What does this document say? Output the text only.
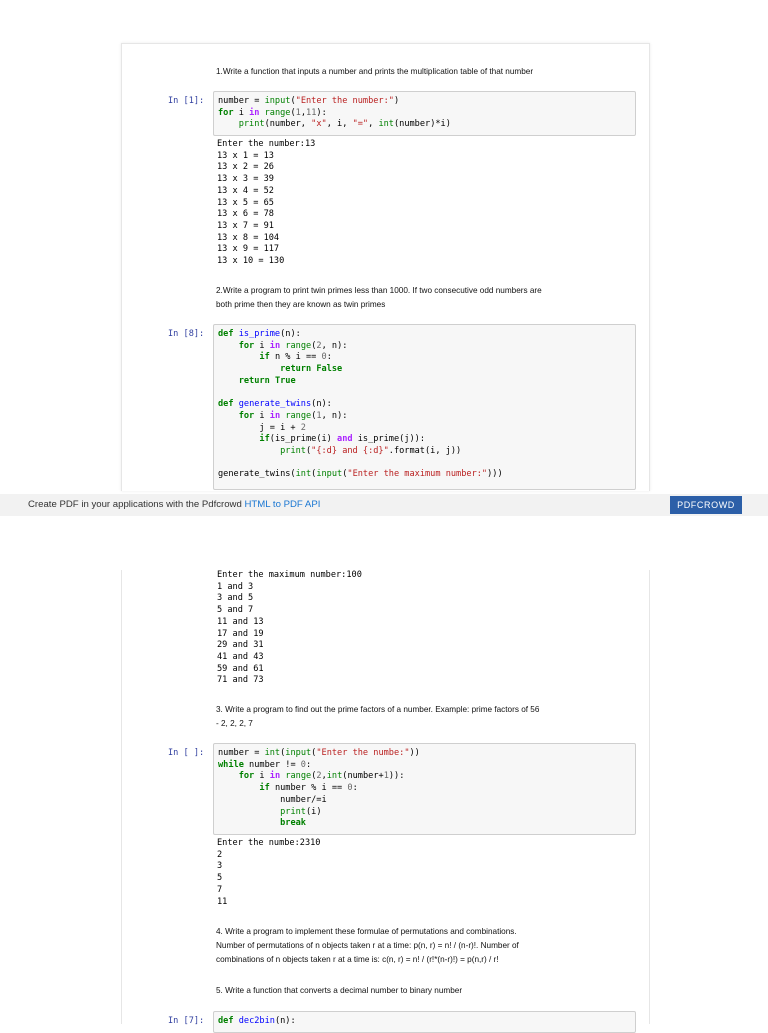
1.Write a function that inputs a number and prints the multiplication table of that number
In [1]:	number = input("Enter the number:")
for i in range(1,11):
print(number, "x", i, "=", int(number)*i)
Enter the number:13
13 x 1 = 13
13 x 2 = 26
13 x 3 = 39
13 x 4 = 52
13 x 5 = 65
13 x 6 = 78
13 x 7 = 91
13 x 8 = 104
13 x 9 = 117
13 x 10 = 130
2.Write a program to print twin primes less than 1000. If two consecutive odd numbers are
both prime then they are known as twin primes
In [8]:	def is_prime(n):
for i in range(2, n):
if n % i == 0:
return False
return True

def generate_twins(n):
for i in range(1, n):
j = i + 2
if(is_prime(i) and is_prime(j)):
print("{:d} and {:d}".format(i, j))

generate_twins(int(input("Enter the maximum number:")))
Create PDF in your applications with the Pdfcrowd HTML to PDF API	PDFCROWD
Enter the maximum number:100
1 and 3
3 and 5
5 and 7
11 and 13
17 and 19
29 and 31
41 and 43
59 and 61
71 and 73
3. Write a program to find out the prime factors of a number. Example: prime factors of 56
- 2, 2, 2, 7
In [ ]:	number = int(input("Enter the numbe:"))
while number != 0:
for i in range(2,int(number+1)):
if number % i == 0:
number/=i
print(i)
break
Enter the numbe:2310
2
3
5
7
11
4. Write a program to implement these formulae of permutations and combinations.
Number of permutations of n objects taken r at a time: p(n, r) = n! / (n-r)!. Number of
combinations of n objects taken r at a time is: c(n, r) = n! / (r!*(n-r)!) = p(n,r) / r!
5. Write a function that converts a decimal number to binary number
In [7]:	def dec2bin(n):
